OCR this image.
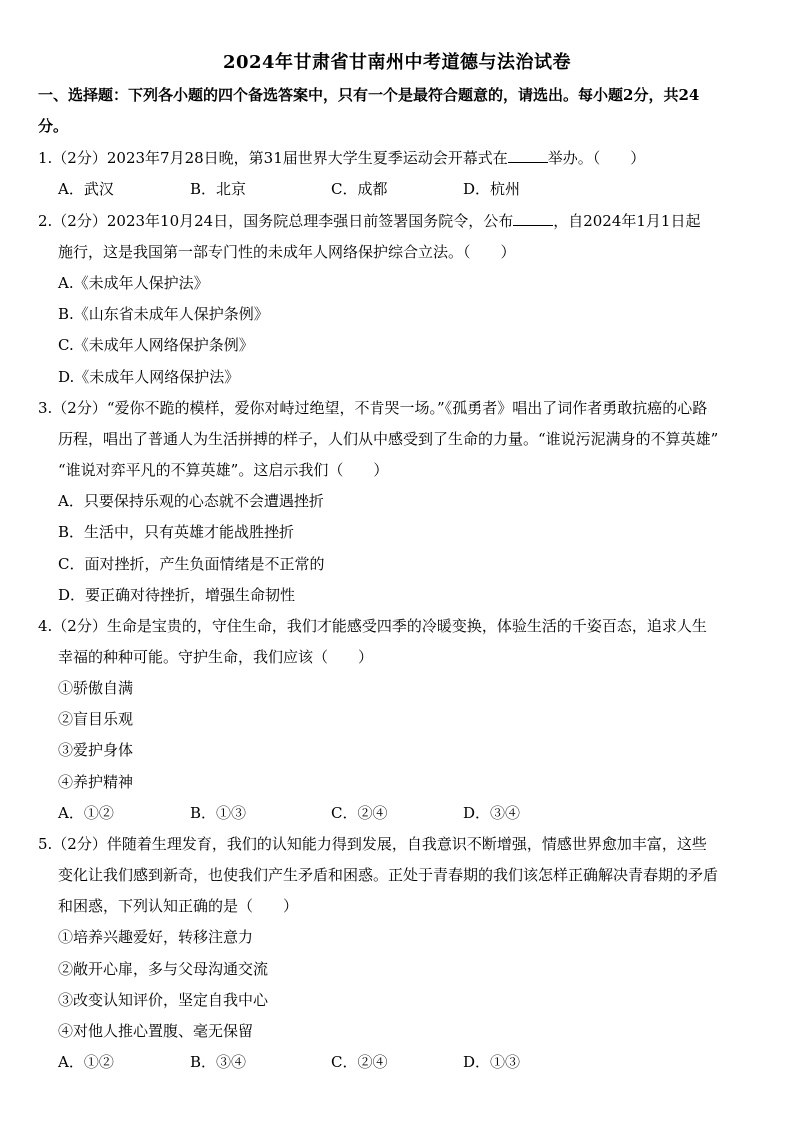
2024年甘肃省甘南州中考道德与法治试卷
一、选择题：下列各小题的四个备选答案中，只有一个是最符合题意的，请选出。每小题2分，共24
分。
1.（2分）2023年7月28日晚，第31届世界大学生夏季运动会开幕式在	举办。（　　）
A．武汉	B．北京	C．成都	D．杭州
2.（2分）2023年10月24日，国务院总理李强日前签署国务院令，公布	，自2024年1月1日起
施行，这是我国第一部专门性的未成年人网络保护综合立法。（　　）
A.《未成年人保护法》
B.《山东省未成年人保护条例》
C.《未成年人网络保护条例》
D.《未成年人网络保护法》
3.（2分）“爱你不跪的模样，爱你对峙过绝望，不肯哭一场。”《孤勇者》唱出了词作者勇敢抗癌的心路
历程，唱出了普通人为生活拼搏的样子，人们从中感受到了生命的力量。“谁说污泥满身的不算英雄”
“谁说对弈平凡的不算英雄”。这启示我们（　　）
A．只要保持乐观的心态就不会遭遇挫折
B．生活中，只有英雄才能战胜挫折
C．面对挫折，产生负面情绪是不正常的
D．要正确对待挫折，增强生命韧性
4.（2分）生命是宝贵的，守住生命，我们才能感受四季的冷暖变换，体验生活的千姿百态，追求人生
幸福的种种可能。守护生命，我们应该（　　）
①骄傲自满
②盲目乐观
③爱护身体
④养护精神
A．①②	B．①③	C．②④	D．③④
5.（2分）伴随着生理发育，我们的认知能力得到发展，自我意识不断增强，情感世界愈加丰富，这些
变化让我们感到新奇，也使我们产生矛盾和困惑。正处于青春期的我们该怎样正确解决青春期的矛盾
和困惑，下列认知正确的是（　　）
①培养兴趣爱好，转移注意力
②敞开心扉，多与父母沟通交流
③改变认知评价，坚定自我中心
④对他人推心置腹、毫无保留
A．①②	B．③④	C．②④	D．①③
